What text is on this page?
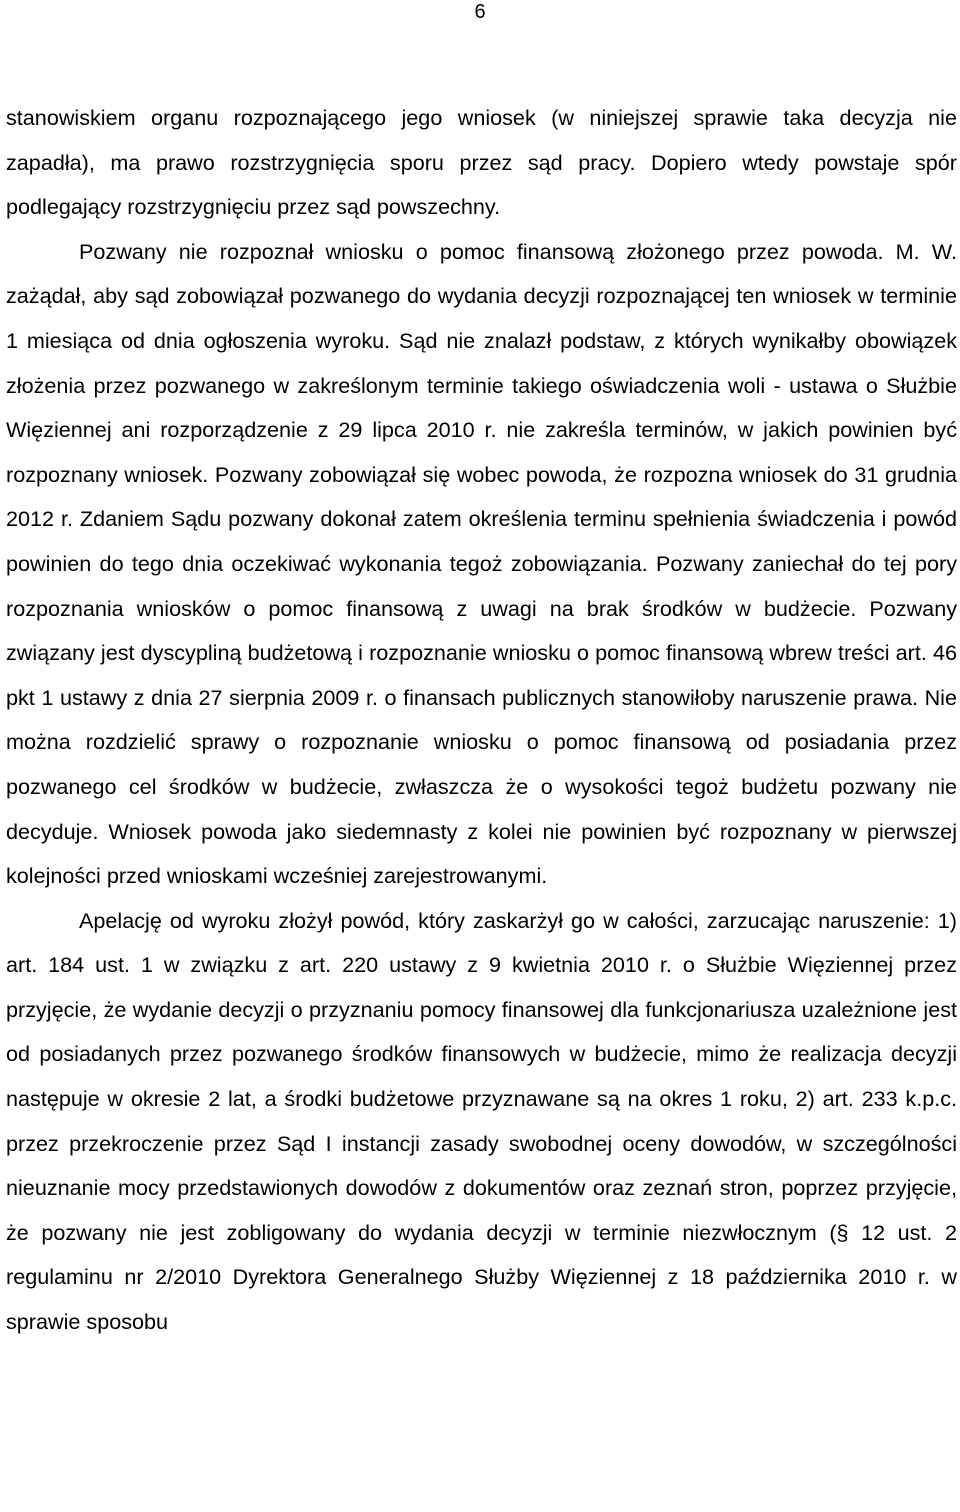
6

stanowiskiem organu rozpoznającego jego wniosek (w niniejszej sprawie taka decyzja nie zapadła), ma prawo rozstrzygnięcia sporu przez sąd pracy. Dopiero wtedy powstaje spór podlegający rozstrzygnięciu przez sąd powszechny.

Pozwany nie rozpoznał wniosku o pomoc finansową złożonego przez powoda. M. W. zażądał, aby sąd zobowiązał pozwanego do wydania decyzji rozpoznającej ten wniosek w terminie 1 miesiąca od dnia ogłoszenia wyroku. Sąd nie znalazł podstaw, z których wynikałby obowiązek złożenia przez pozwanego w zakreślonym terminie takiego oświadczenia woli - ustawa o Służbie Więziennej ani rozporządzenie z 29 lipca 2010 r. nie zakreśla terminów, w jakich powinien być rozpoznany wniosek. Pozwany zobowiązał się wobec powoda, że rozpozna wniosek do 31 grudnia 2012 r. Zdaniem Sądu pozwany dokonał zatem określenia terminu spełnienia świadczenia i powód powinien do tego dnia oczekiwać wykonania tegoż zobowiązania. Pozwany zaniechał do tej pory rozpoznania wniosków o pomoc finansową z uwagi na brak środków w budżecie. Pozwany związany jest dyscypliną budżetową i rozpoznanie wniosku o pomoc finansową wbrew treści art. 46 pkt 1 ustawy z dnia 27 sierpnia 2009 r. o finansach publicznych stanowiłoby naruszenie prawa. Nie można rozdzielić sprawy o rozpoznanie wniosku o pomoc finansową od posiadania przez pozwanego cel środków w budżecie, zwłaszcza że o wysokości tegoż budżetu pozwany nie decyduje. Wniosek powoda jako siedemnasty z kolei nie powinien być rozpoznany w pierwszej kolejności przed wnioskami wcześniej zarejestrowanymi.

Apelację od wyroku złożył powód, który zaskarżył go w całości, zarzucając naruszenie: 1) art. 184 ust. 1 w związku z art. 220 ustawy z 9 kwietnia 2010 r. o Służbie Więziennej przez przyjęcie, że wydanie decyzji o przyznaniu pomocy finansowej dla funkcjonariusza uzależnione jest od posiadanych przez pozwanego środków finansowych w budżecie, mimo że realizacja decyzji następuje w okresie 2 lat, a środki budżetowe przyznawane są na okres 1 roku, 2) art. 233 k.p.c. przez przekroczenie przez Sąd I instancji zasady swobodnej oceny dowodów, w szczególności nieuznanie mocy przedstawionych dowodów z dokumentów oraz zeznań stron, poprzez przyjęcie, że pozwany nie jest zobligowany do wydania decyzji w terminie niezwłocznym (§ 12 ust. 2 regulaminu nr 2/2010 Dyrektora Generalnego Służby Więziennej z 18 października 2010 r. w sprawie sposobu
